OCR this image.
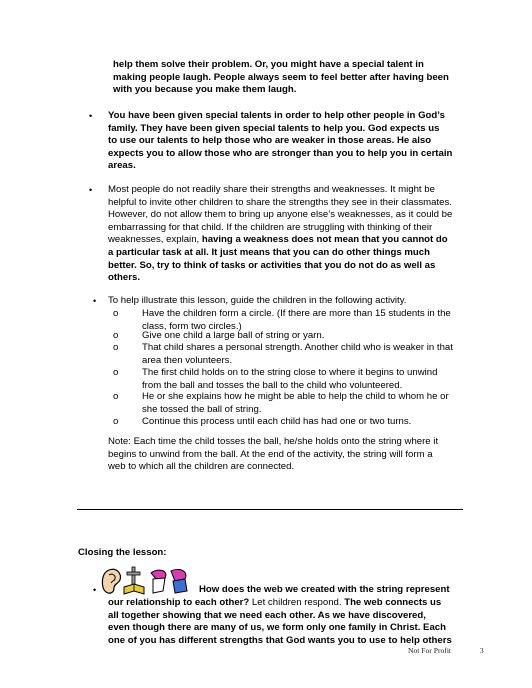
help them solve their problem. Or, you might have a special talent in

making people laugh. People always seem to feel better after having been

with you because you make them laugh.

•	You have been given special talents in order to help other people in God’s

family. They have been given special talents to help you. God expects us

to use our talents to help those who are weaker in those areas. He also

expects you to allow those who are stronger than you to help you in certain

areas.

•	Most people do not readily share their strengths and weaknesses. It might be

helpful to invite other children to share the strengths they see in their classmates.

However, do not allow them to bring up anyone else’s weaknesses, as it could be

embarrassing for that child. If the children are struggling with thinking of their

weaknesses, explain, having a weakness does not mean that you cannot do

a particular task at all. It just means that you can do other things much

better. So, try to think of tasks or activities that you do not do as well as

others.

•	To help illustrate this lesson, guide the children in the following activity.

o Have the children form a circle. (If there are more than 15 students in the

class, form two circles.)

o Give one child a large ball of string or yarn.

o That child shares a personal strength. Another child who is weaker in that

area then volunteers.

o The first child holds on to the string close to where it begins to unwind

from the ball and tosses the ball to the child who volunteered.

o He or she explains how he might be able to help the child to whom he or

she tossed the ball of string.

o Continue this process until each child has had one or two turns.

Note: Each time the child tosses the ball, he/she holds onto the string where it

begins to unwind from the ball. At the end of the activity, the string will form a

web to which all the children are connected.

Closing the lesson:

•	How does the web we created with the string represent

our relationship to each other? Let children respond. The web connects us

all together showing that we need each other. As we have discovered,

even though there are many of us, we form only one family in Christ. Each

one of you has different strengths that God wants you to use to help others

Not For Profit	3
